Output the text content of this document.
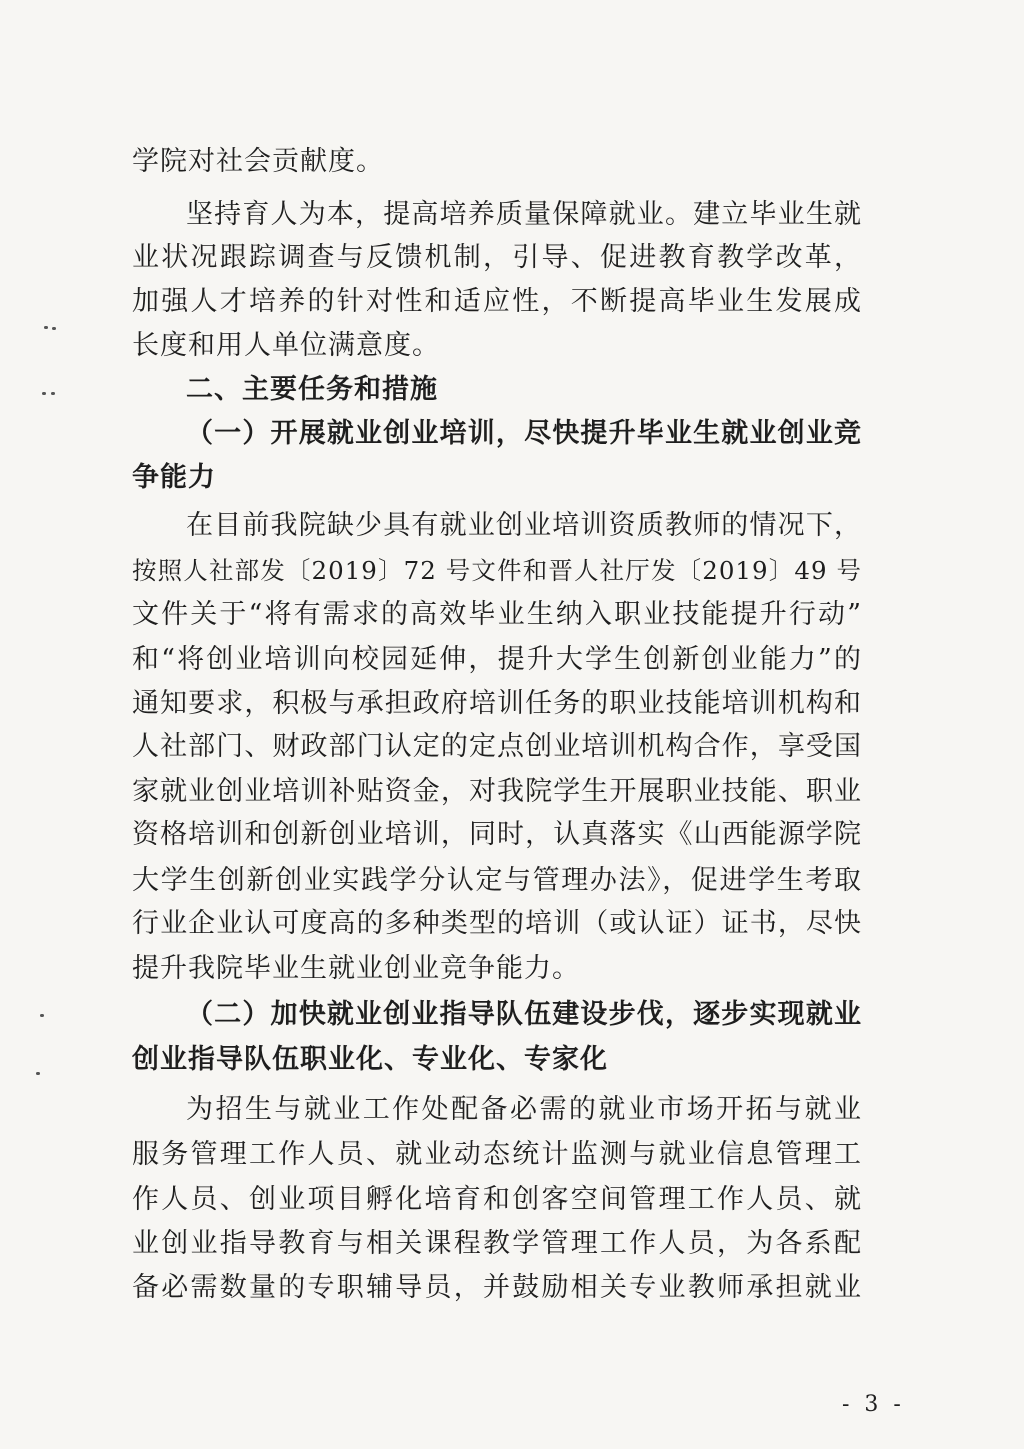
学院对社会贡献度。
坚持育人为本，提高培养质量保障就业。建立毕业生就
业状况跟踪调查与反馈机制，引导、促进教育教学改革，
加强人才培养的针对性和适应性，不断提高毕业生发展成
长度和用人单位满意度。
二、主要任务和措施
（一）开展就业创业培训，尽快提升毕业生就业创业竞
争能力
在目前我院缺少具有就业创业培训资质教师的情况下，
按照人社部发〔2019〕72 号文件和晋人社厅发〔2019〕49 号
文件关于“将有需求的高效毕业生纳入职业技能提升行动”
和“将创业培训向校园延伸，提升大学生创新创业能力”的
通知要求，积极与承担政府培训任务的职业技能培训机构和
人社部门、财政部门认定的定点创业培训机构合作，享受国
家就业创业培训补贴资金，对我院学生开展职业技能、职业
资格培训和创新创业培训，同时，认真落实《山西能源学院
大学生创新创业实践学分认定与管理办法》，促进学生考取
行业企业认可度高的多种类型的培训（或认证）证书，尽快
提升我院毕业生就业创业竞争能力。
（二）加快就业创业指导队伍建设步伐，逐步实现就业
创业指导队伍职业化、专业化、专家化
为招生与就业工作处配备必需的就业市场开拓与就业
服务管理工作人员、就业动态统计监测与就业信息管理工
作人员、创业项目孵化培育和创客空间管理工作人员、就
业创业指导教育与相关课程教学管理工作人员，为各系配
备必需数量的专职辅导员，并鼓励相关专业教师承担就业
- 3 -
